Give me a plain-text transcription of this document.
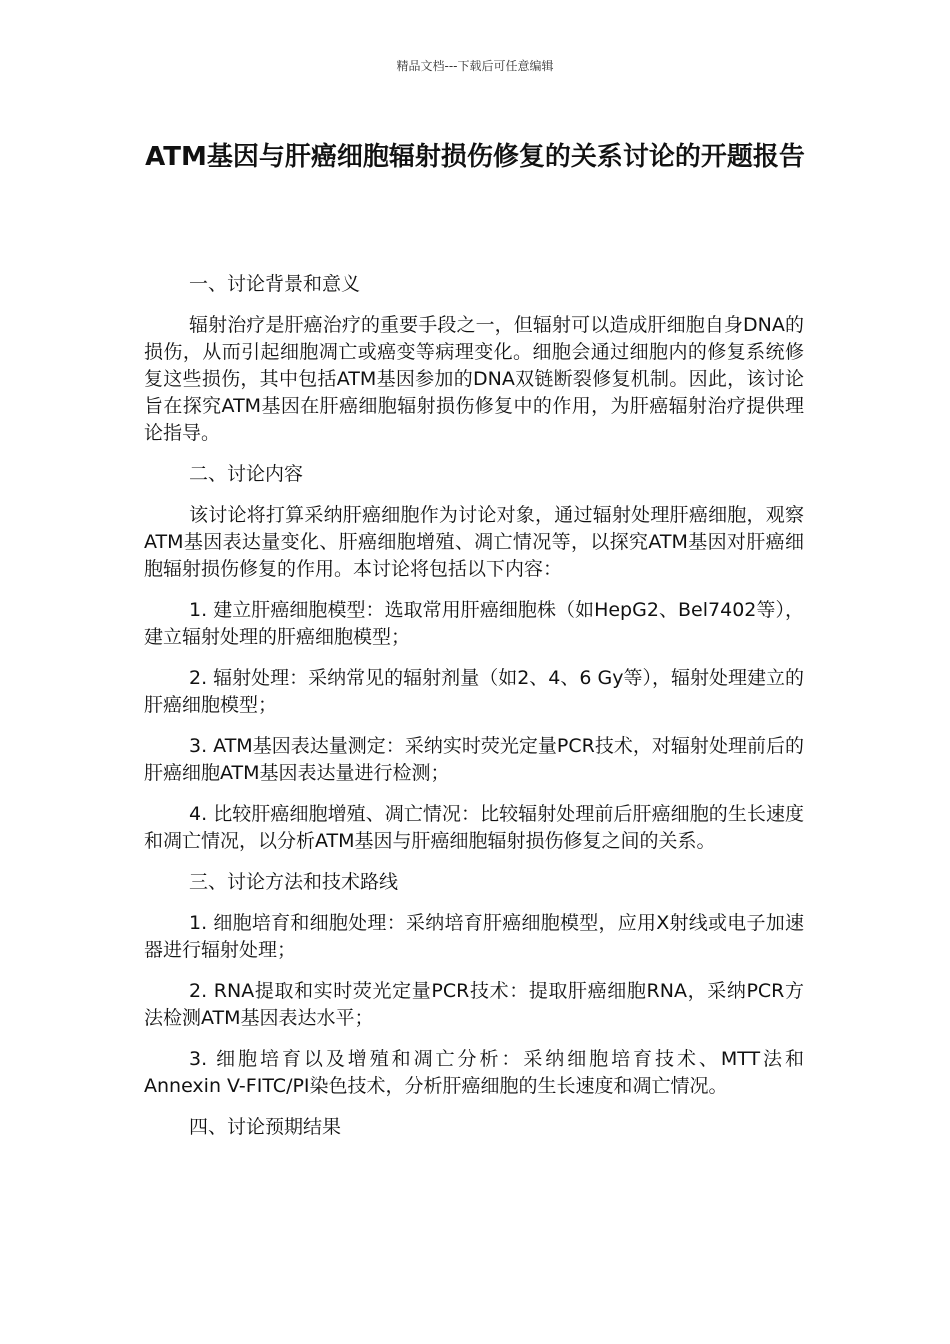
精品文档---下载后可任意编辑
ATM基因与肝癌细胞辐射损伤修复的关系讨论的开题报告

一、讨论背景和意义

辐射治疗是肝癌治疗的重要手段之一，但辐射可以造成肝细胞自身DNA的损伤，从而引起细胞凋亡或癌变等病理变化。细胞会通过细胞内的修复系统修复这些损伤，其中包括ATM基因参加的DNA双链断裂修复机制。因此，该讨论旨在探究ATM基因在肝癌细胞辐射损伤修复中的作用，为肝癌辐射治疗提供理论指导。

二、讨论内容

该讨论将打算采纳肝癌细胞作为讨论对象，通过辐射处理肝癌细胞，观察ATM基因表达量变化、肝癌细胞增殖、凋亡情况等，以探究ATM基因对肝癌细胞辐射损伤修复的作用。本讨论将包括以下内容：

1. 建立肝癌细胞模型：选取常用肝癌细胞株（如HepG2、Bel7402等），建立辐射处理的肝癌细胞模型；

2. 辐射处理：采纳常见的辐射剂量（如2、4、6 Gy等），辐射处理建立的肝癌细胞模型；

3. ATM基因表达量测定：采纳实时荧光定量PCR技术，对辐射处理前后的肝癌细胞ATM基因表达量进行检测；

4. 比较肝癌细胞增殖、凋亡情况：比较辐射处理前后肝癌细胞的生长速度和凋亡情况，以分析ATM基因与肝癌细胞辐射损伤修复之间的关系。

三、讨论方法和技术路线

1. 细胞培育和细胞处理：采纳培育肝癌细胞模型，应用X射线或电子加速器进行辐射处理；

2. RNA提取和实时荧光定量PCR技术：提取肝癌细胞RNA，采纳PCR方法检测ATM基因表达水平；

3. 细胞培育以及增殖和凋亡分析：采纳细胞培育技术、MTT法和Annexin V-FITC/PI染色技术，分析肝癌细胞的生长速度和凋亡情况。

四、讨论预期结果
